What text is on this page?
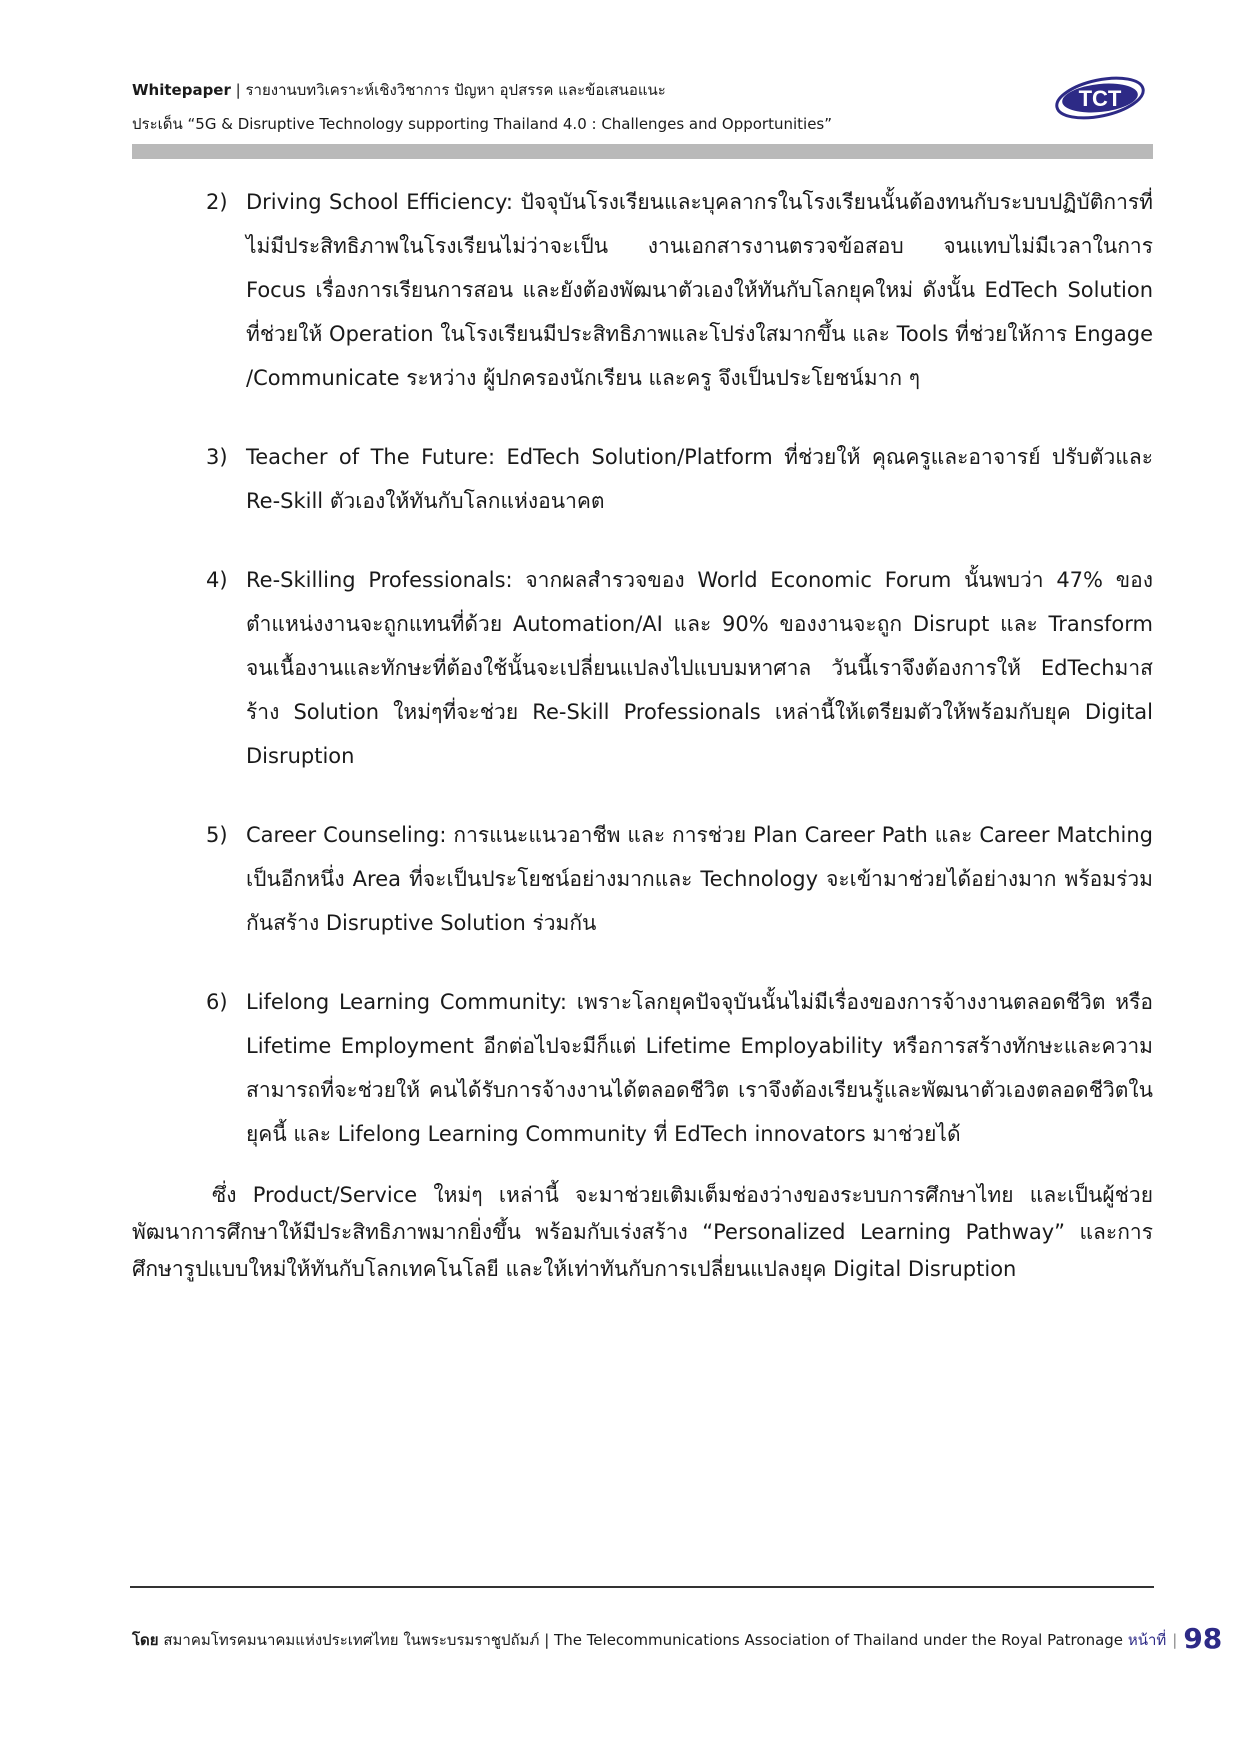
Whitepaper | รายงานบทวิเคราะห์เชิงวิชาการ ปัญหา อุปสรรค และข้อเสนอแนะ

ประเด็น “5G & Disruptive Technology supporting Thailand 4.0 : Challenges and Opportunities”
TCT
2) Driving School Efficiency: ปัจจุบันโรงเรียนและบุคลากรในโรงเรียนนั้นต้องทนกับระบบปฏิบัติการที่ไม่มีประสิทธิภาพในโรงเรียนไม่ว่าจะเป็น งานเอกสารงานตรวจข้อสอบ จนแทบไม่มีเวลาในการ Focus เรื่องการเรียนการสอน และยังต้องพัฒนาตัวเองให้ทันกับโลกยุคใหม่ ดังนั้น EdTech Solution ที่ช่วยให้ Operation ในโรงเรียนมีประสิทธิภาพและโปร่งใสมากขึ้น และ Tools ที่ช่วยให้การ Engage /Communicate ระหว่าง ผู้ปกครองนักเรียน และครู จึงเป็นประโยชน์มาก ๆ
3) Teacher of The Future: EdTech Solution/Platform ที่ช่วยให้ คุณครูและอาจารย์ ปรับตัวและ Re-Skill ตัวเองให้ทันกับโลกแห่งอนาคต
4) Re-Skilling Professionals: จากผลสำรวจของ World Economic Forum นั้นพบว่า 47% ของตำแหน่งงานจะถูกแทนที่ด้วย Automation/AI และ 90% ของงานจะถูก Disrupt และ Transform จนเนื้องานและทักษะที่ต้องใช้นั้นจะเปลี่ยนแปลงไปแบบมหาศาล วันนี้เราจึงต้องการให้ EdTechมาสร้าง Solution ใหม่ๆที่จะช่วย Re-Skill Professionals เหล่านี้ให้เตรียมตัวให้พร้อมกับยุค Digital Disruption
5) Career Counseling: การแนะแนวอาชีพ และ การช่วย Plan Career Path และ Career Matching เป็นอีกหนึ่ง Area ที่จะเป็นประโยชน์อย่างมากและ Technology จะเข้ามาช่วยได้อย่างมาก พร้อมร่วมกันสร้าง Disruptive Solution ร่วมกัน
6) Lifelong Learning Community: เพราะโลกยุคปัจจุบันนั้นไม่มีเรื่องของการจ้างงานตลอดชีวิต หรือ Lifetime Employment อีกต่อไปจะมีก็แต่ Lifetime Employability หรือการสร้างทักษะและความสามารถที่จะช่วยให้ คนได้รับการจ้างงานได้ตลอดชีวิต เราจึงต้องเรียนรู้และพัฒนาตัวเองตลอดชีวิตในยุคนี้ และ Lifelong Learning Community ที่ EdTech innovators มาช่วยได้

ซึ่ง Product/Service ใหม่ๆ เหล่านี้ จะมาช่วยเติมเต็มช่องว่างของระบบการศึกษาไทย และเป็นผู้ช่วยพัฒนาการศึกษาให้มีประสิทธิภาพมากยิ่งขึ้น พร้อมกับเร่งสร้าง “Personalized Learning Pathway” และการศึกษารูปแบบใหม่ให้ทันกับโลกเทคโนโลยี และให้เท่าทันกับการเปลี่ยนแปลงยุค Digital Disruption

โดย สมาคมโทรคมนาคมแห่งประเทศไทย ในพระบรมราชูปถัมภ์ | The Telecommunications Association of Thailand under the Royal Patronage หน้าที่ | 98
